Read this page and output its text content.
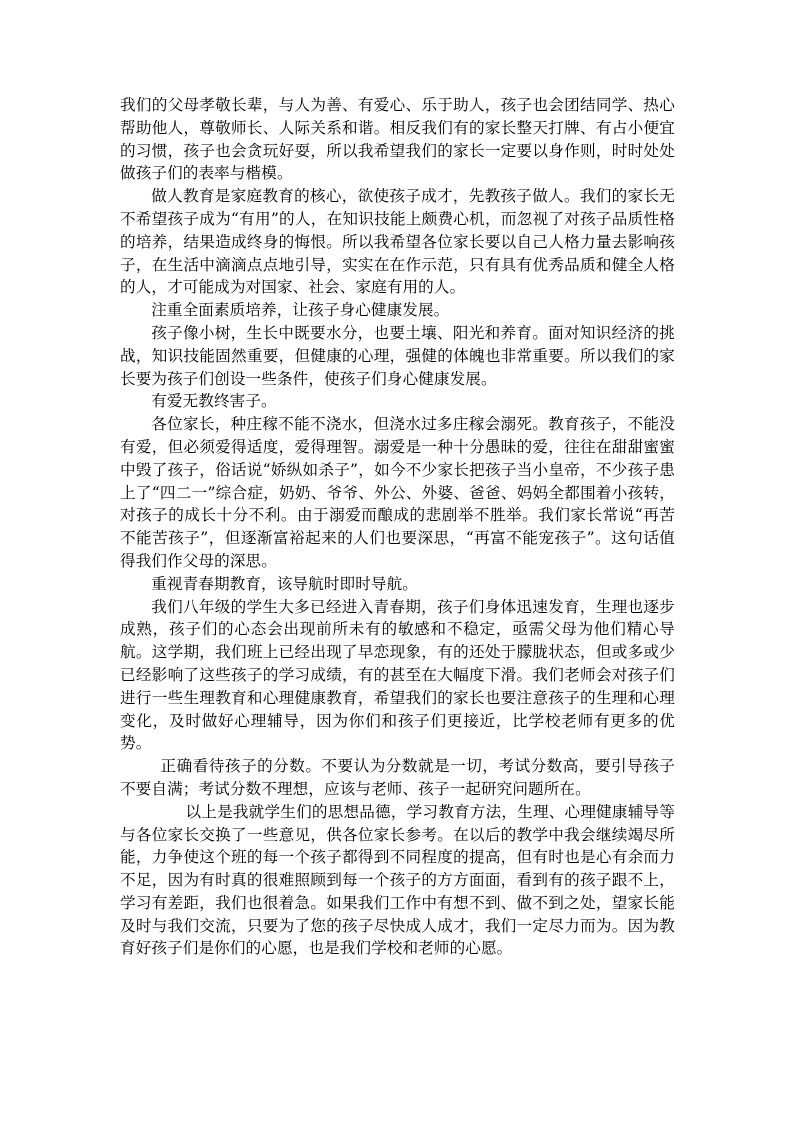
我们的父母孝敬长辈，与人为善、有爱心、乐于助人，孩子也会团结同学、热心帮助他人，尊敬师长、人际关系和谐。相反我们有的家长整天打牌、有占小便宜的习惯，孩子也会贪玩好耍，所以我希望我们的家长一定要以身作则，时时处处做孩子们的表率与楷模。

做人教育是家庭教育的核心，欲使孩子成才，先教孩子做人。我们的家长无不希望孩子成为“有用”的人，在知识技能上颇费心机，而忽视了对孩子品质性格的培养，结果造成终身的悔恨。所以我希望各位家长要以自己人格力量去影响孩子，在生活中滴滴点点地引导，实实在在作示范，只有具有优秀品质和健全人格的人，才可能成为对国家、社会、家庭有用的人。

注重全面素质培养，让孩子身心健康发展。

孩子像小树，生长中既要水分，也要土壤、阳光和养育。面对知识经济的挑战，知识技能固然重要，但健康的心理，强健的体魄也非常重要。所以我们的家长要为孩子们创设一些条件，使孩子们身心健康发展。

有爱无教终害子。

各位家长，种庄稼不能不浇水，但浇水过多庄稼会溺死。教育孩子，不能没有爱，但必须爱得适度，爱得理智。溺爱是一种十分愚昧的爱，往往在甜甜蜜蜜中毁了孩子，俗话说“娇纵如杀子”，如今不少家长把孩子当小皇帝，不少孩子患上了“四二一”综合症，奶奶、爷爷、外公、外婆、爸爸、妈妈全都围着小孩转，对孩子的成长十分不利。由于溺爱而酿成的悲剧举不胜举。我们家长常说“再苦不能苦孩子”，但逐渐富裕起来的人们也要深思，“再富不能宠孩子”。这句话值得我们作父母的深思。

重视青春期教育，该导航时即时导航。

我们八年级的学生大多已经进入青春期，孩子们身体迅速发育，生理也逐步成熟，孩子们的心态会出现前所未有的敏感和不稳定，亟需父母为他们精心导航。这学期，我们班上已经出现了早恋现象，有的还处于朦胧状态，但或多或少已经影响了这些孩子的学习成绩，有的甚至在大幅度下滑。我们老师会对孩子们进行一些生理教育和心理健康教育，希望我们的家长也要注意孩子的生理和心理变化，及时做好心理辅导，因为你们和孩子们更接近，比学校老师有更多的优势。

正确看待孩子的分数。不要认为分数就是一切，考试分数高，要引导孩子不要自满；考试分数不理想，应该与老师、孩子一起研究问题所在。

以上是我就学生们的思想品德，学习教育方法，生理、心理健康辅导等与各位家长交换了一些意见，供各位家长参考。在以后的教学中我会继续竭尽所能，力争使这个班的每一个孩子都得到不同程度的提高，但有时也是心有余而力不足，因为有时真的很难照顾到每一个孩子的方方面面，看到有的孩子跟不上，学习有差距，我们也很着急。如果我们工作中有想不到、做不到之处，望家长能及时与我们交流，只要为了您的孩子尽快成人成才，我们一定尽力而为。因为教育好孩子们是你们的心愿，也是我们学校和老师的心愿。
